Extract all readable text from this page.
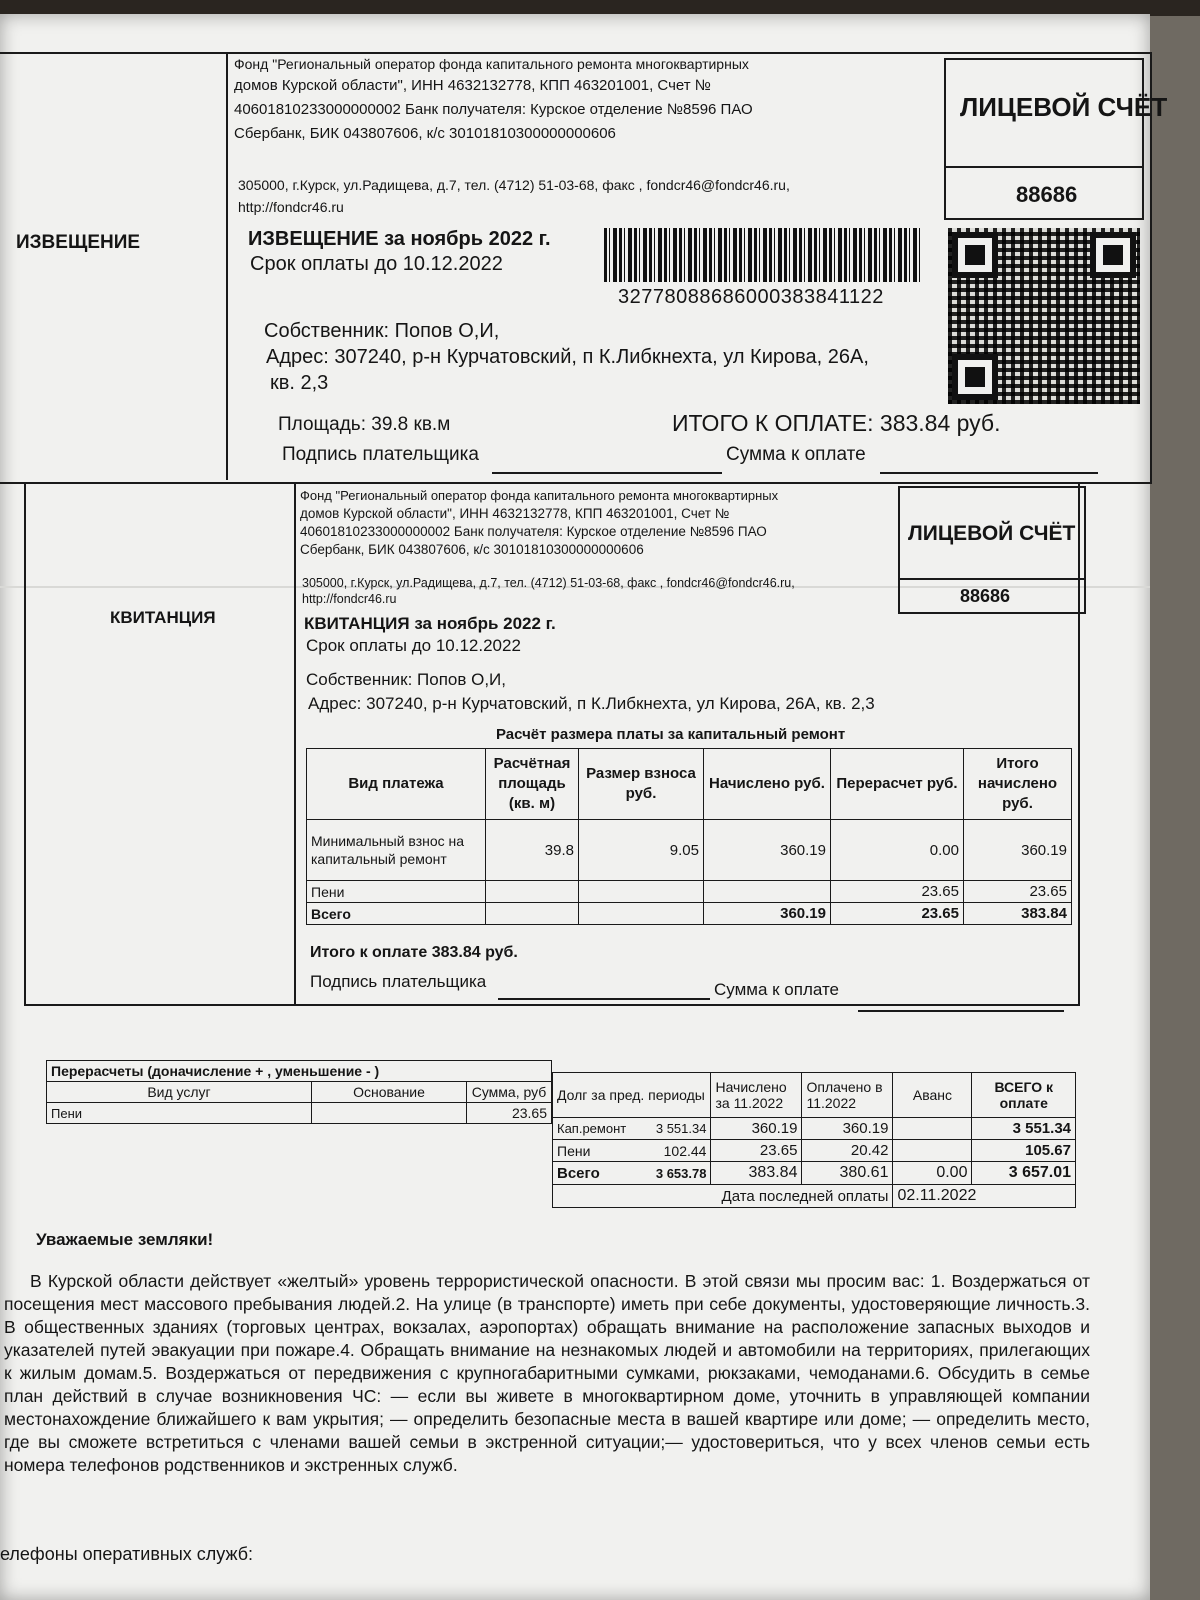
ИЗВЕЩЕНИЕ
Фонд "Региональный оператор фонда капитального ремонта многоквартирных
домов Курской области", ИНН 4632132778, КПП 463201001, Счет №
40601810233000000002 Банк получателя: Курское отделение №8596 ПАО
Сбербанк, БИК 043807606, к/с 30101810300000000606
305000, г.Курск, ул.Радищева, д.7, тел. (4712) 51-03-68, факс , fondcr46@fondcr46.ru,
http://fondcr46.ru
ЛИЦЕВОЙ СЧЁТ
88686
ИЗВЕЩЕНИЕ за ноябрь 2022 г.
Срок оплаты до 10.12.2022
32778088686000383841122
Собственник: Попов О,И,
Адрес: 307240, р-н Курчатовский, п К.Либкнехта, ул Кирова, 26А,
кв. 2,3
Площадь: 39.8 кв.м	ИТОГО К ОПЛАТЕ: 383.84 руб.
Подпись плательщика	Сумма к оплате
КВИТАНЦИЯ
Фонд "Региональный оператор фонда капитального ремонта многоквартирных
домов Курской области", ИНН 4632132778, КПП 463201001, Счет №
40601810233000000002 Банк получателя: Курское отделение №8596 ПАО
Сбербанк, БИК 043807606, к/с 30101810300000000606
305000, г.Курск, ул.Радищева, д.7, тел. (4712) 51-03-68, факс , fondcr46@fondcr46.ru,
http://fondcr46.ru
ЛИЦЕВОЙ СЧЁТ
88686
КВИТАНЦИЯ за ноябрь 2022 г.
Срок оплаты до 10.12.2022
Собственник: Попов О,И,
Адрес: 307240, р-н Курчатовский, п К.Либкнехта, ул Кирова, 26А, кв. 2,3
Расчёт размера платы за капитальный ремонт
Вид платежа	Расчётная площадь (кв. м)	Размер взноса руб.	Начислено руб.	Перерасчет руб.	Итого начислено руб.
Минимальный взнос на капитальный ремонт	39.8	9.05	360.19	0.00	360.19
Пени				23.65	23.65
Всего			360.19	23.65	383.84
Итого к оплате 383.84 руб.
Подпись плательщика	Сумма к оплате
Перерасчеты (доначисление + , уменьшение - )		
Вид услуг	Основание	Сумма, руб
Пени		23.65
Долг за пред. периоды		Начислено за 11.2022	Оплачено в 11.2022	Аванс	ВСЕГО к оплате
Кап.ремонт	3 551.34	360.19	360.19		3 551.34
Пени	102.44	23.65	20.42		105.67
Всего	3 653.78	383.84	380.61	0.00	3 657.01
Дата последней оплаты				02.11.2022	
Уважаемые земляки!

В Курской области действует «желтый» уровень террористической опасности. В этой связи мы просим вас: 1. Воздержаться от посещения мест массового пребывания людей.2. На улице (в транспорте) иметь при себе документы, удостоверяющие личность.3. В общественных зданиях (торговых центрах, вокзалах, аэропортах) обращать внимание на расположение запасных выходов и указателей путей эвакуации при пожаре.4. Обращать внимание на незнакомых людей и автомобили на территориях, прилегающих к жилым домам.5. Воздержаться от передвижения с крупногабаритными сумками, рюкзаками, чемоданами.6. Обсудить в семье план действий в случае возникновения ЧС: — если вы живете в многоквартирном доме, уточнить в управляющей компании местонахождение ближайшего к вам укрытия; — определить безопасные места в вашей квартире или доме; — определить место, где вы сможете встретиться с членами вашей семьи в экстренной ситуации;— удостовериться, что у всех членов семьи есть номера телефонов родственников и экстренных служб.

елефоны оперативных служб:
